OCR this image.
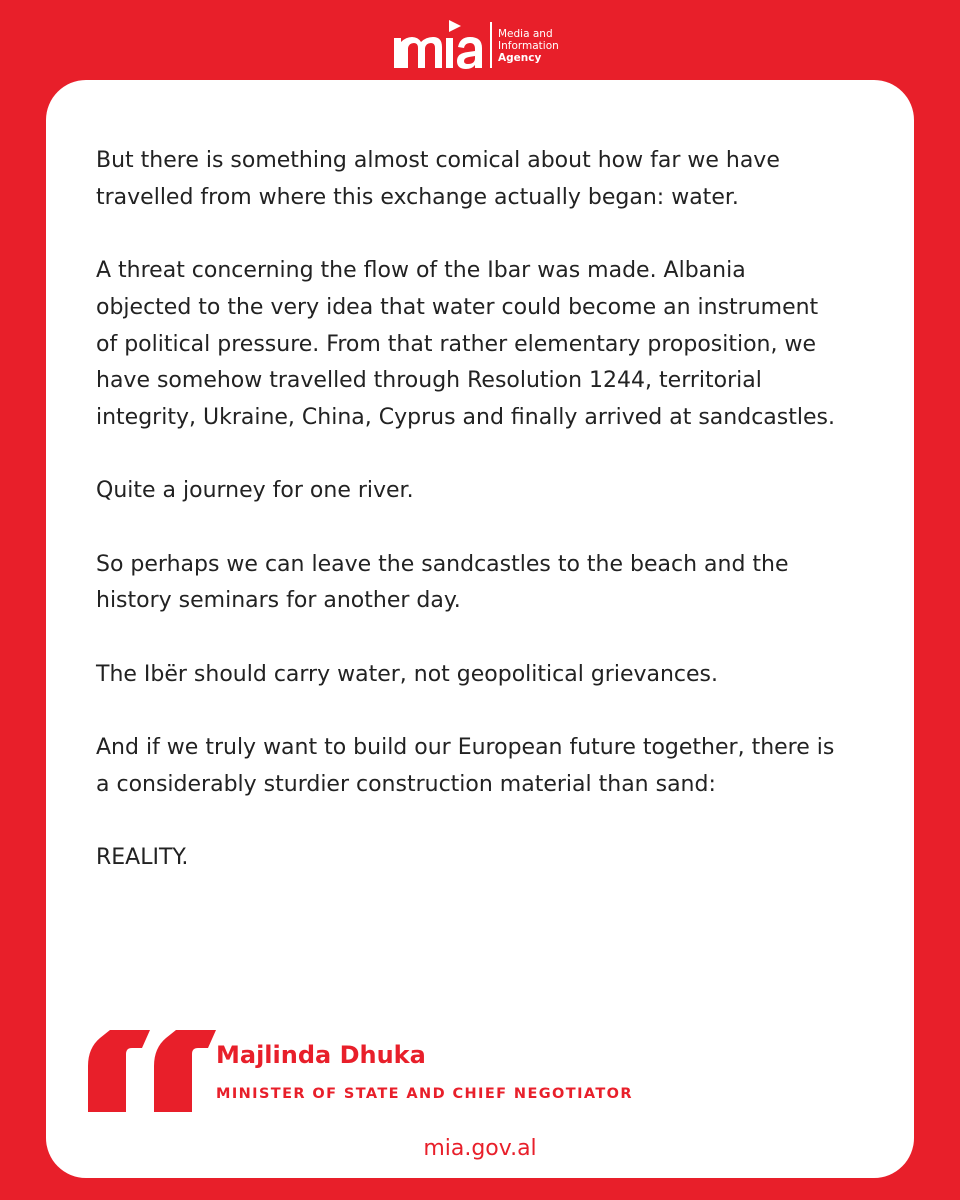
Media and
Information
Agency

But there is something almost comical about how far we have travelled from where this exchange actually began: water.

A threat concerning the flow of the Ibar was made. Albania objected to the very idea that water could become an instrument of political pressure. From that rather elementary proposition, we have somehow travelled through Resolution 1244, territorial integrity, Ukraine, China, Cyprus and finally arrived at sandcastles.

Quite a journey for one river.

So perhaps we can leave the sandcastles to the beach and the history seminars for another day.

The Ibër should carry water, not geopolitical grievances.

And if we truly want to build our European future together, there is a considerably sturdier construction material than sand:

REALITY.

Majlinda Dhuka
MINISTER OF STATE AND CHIEF NEGOTIATOR
mia.gov.al
